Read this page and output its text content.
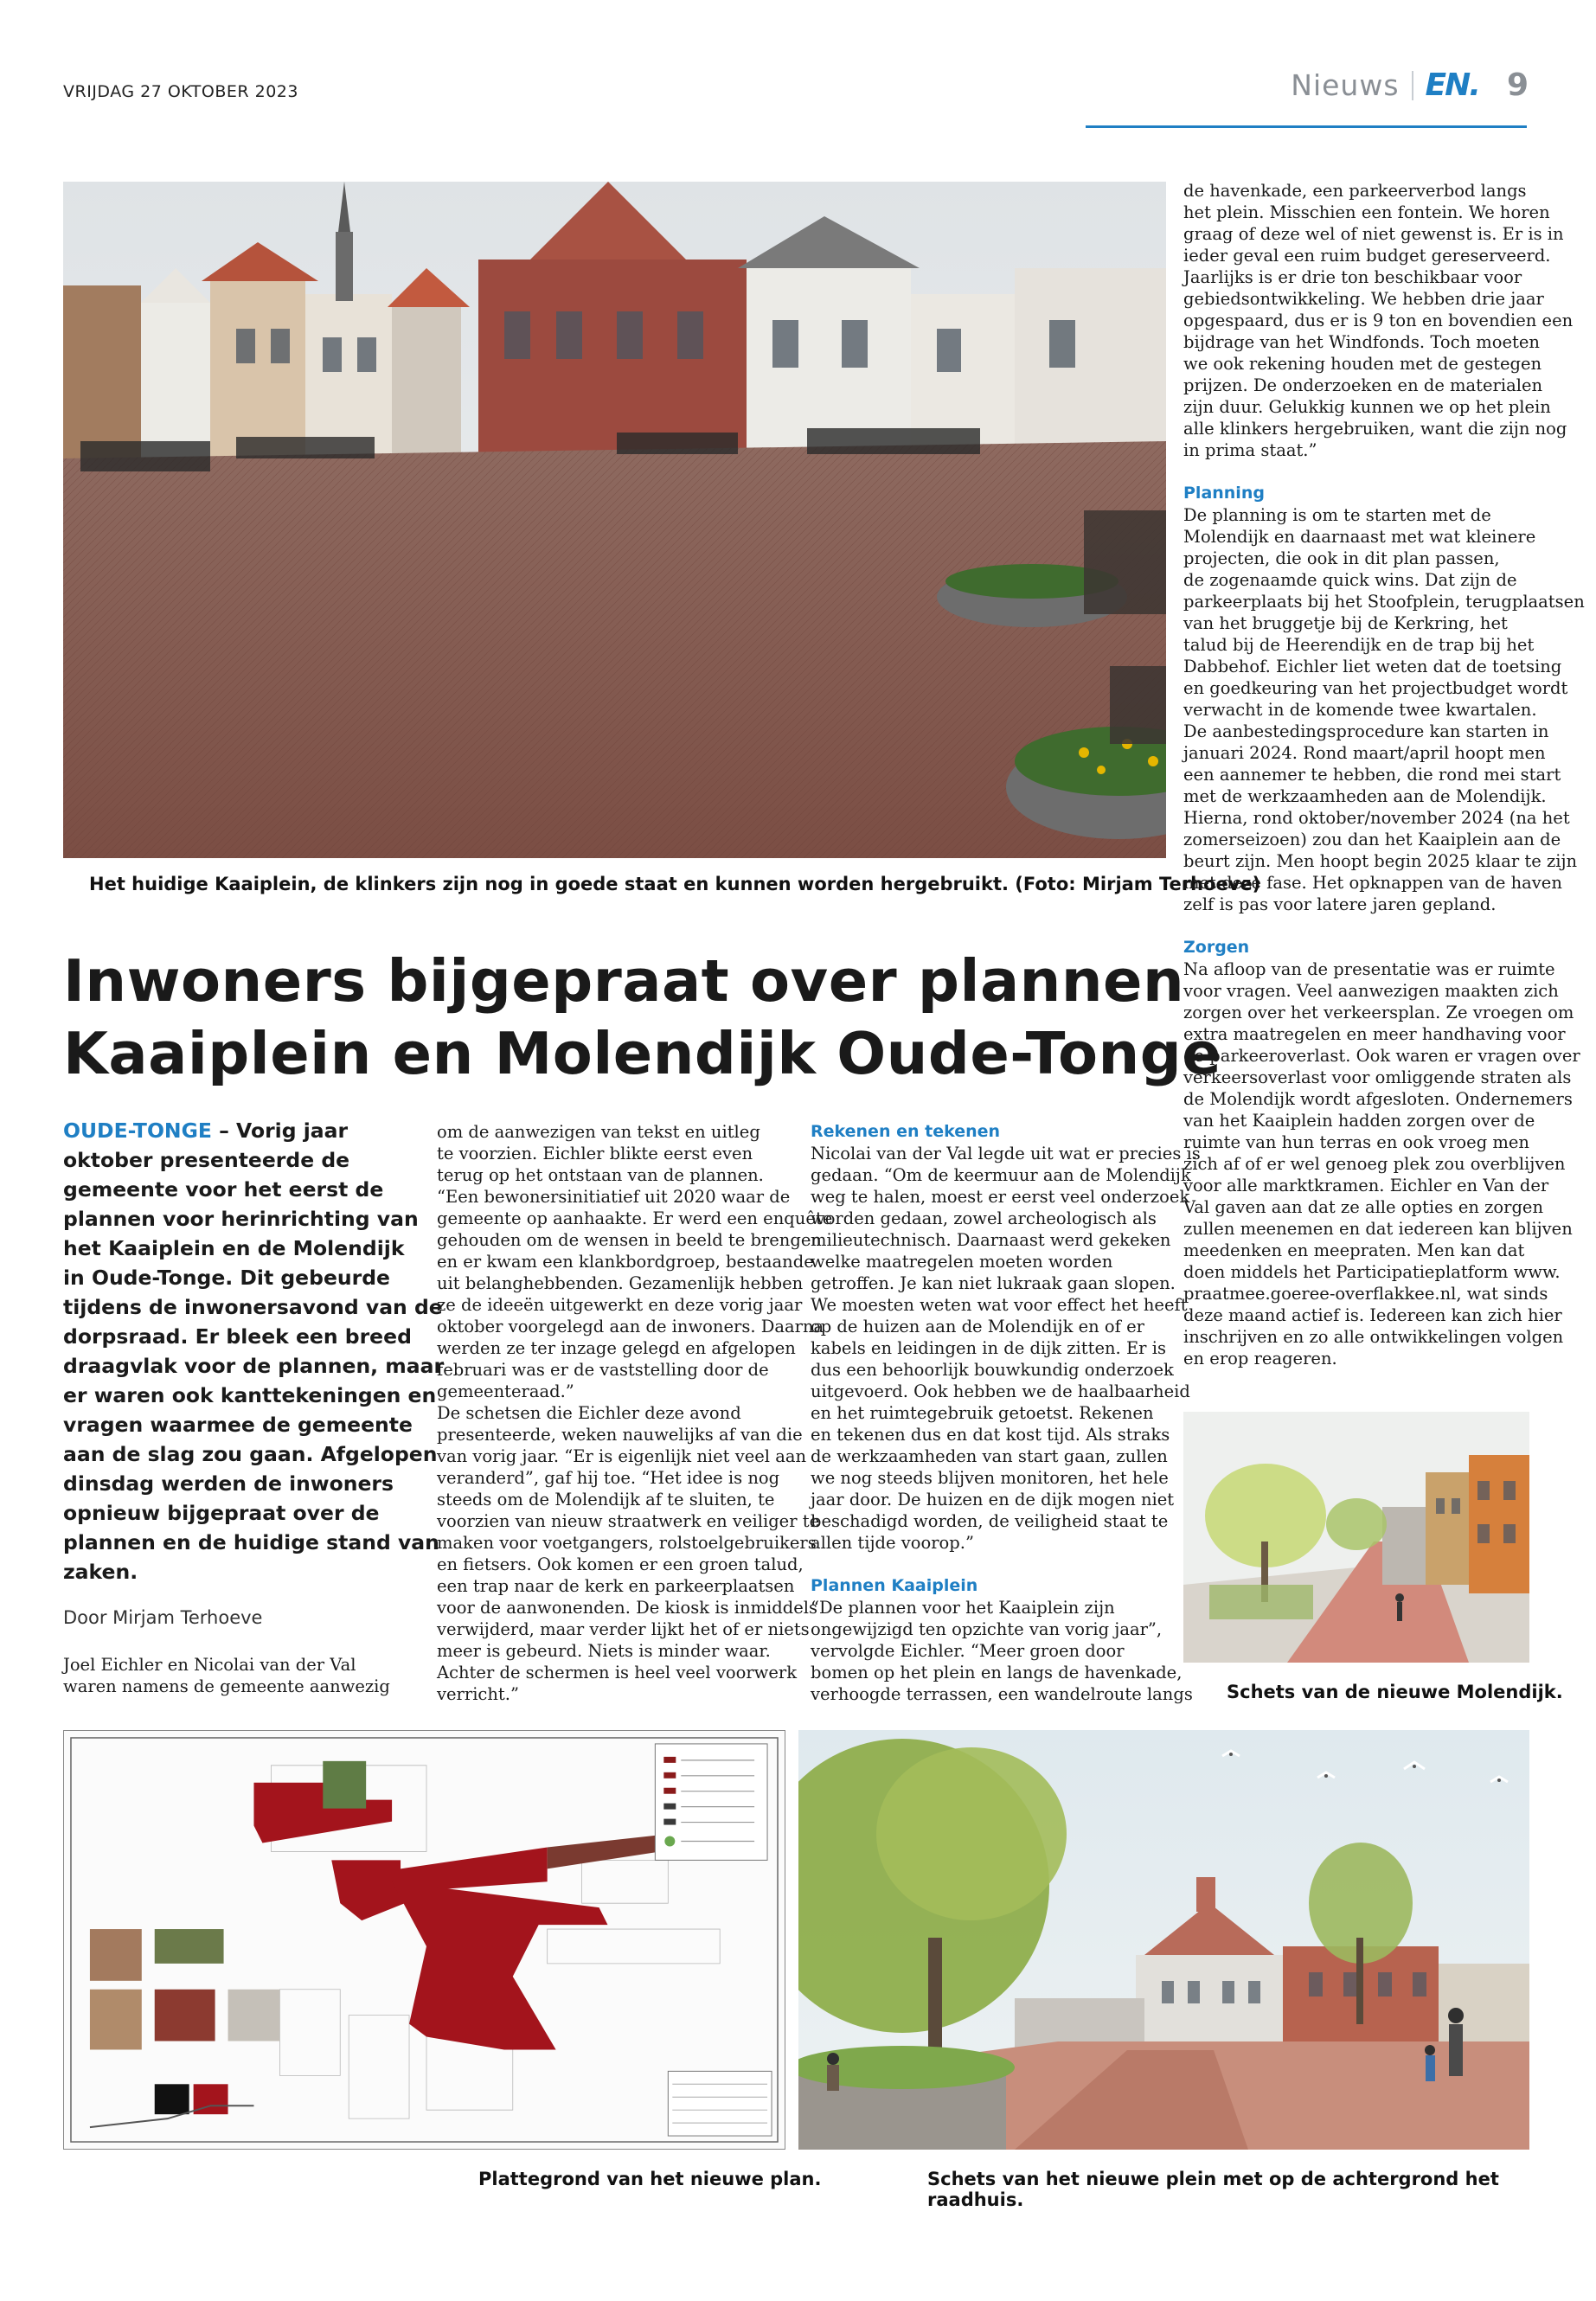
VRIJDAG 27 OKTOBER 2023	Nieuws EN. 9
Het huidige Kaaiplein, de klinkers zijn nog in goede staat en kunnen worden hergebruikt. (Foto: Mirjam Terhoeve)
Inwoners bijgepraat over plannen
Kaaiplein en Molendijk Oude-Tonge

OUDE-TONGE – Vorig jaar

oktober presenteerde de

gemeente voor het eerst de

plannen voor herinrichting van

het Kaaiplein en de Molendijk

in Oude-Tonge. Dit gebeurde

tijdens de inwonersavond van de

dorpsraad. Er bleek een breed

draagvlak voor de plannen, maar

er waren ook kanttekeningen en

vragen waarmee de gemeente

aan de slag zou gaan. Afgelopen

dinsdag werden de inwoners

opnieuw bijgepraat over de

plannen en de huidige stand van

zaken.

Door Mirjam Terhoeve

Joel Eichler en Nicolai van der Val

waren namens de gemeente aanwezig

om de aanwezigen van tekst en uitleg

te voorzien. Eichler blikte eerst even

terug op het ontstaan van de plannen.

“Een bewonersinitiatief uit 2020 waar de

gemeente op aanhaakte. Er werd een enquête

gehouden om de wensen in beeld te brengen

en er kwam een klankbordgroep, bestaande

uit belanghebbenden. Gezamenlijk hebben

ze de ideeën uitgewerkt en deze vorig jaar

oktober voorgelegd aan de inwoners. Daarna

werden ze ter inzage gelegd en afgelopen

februari was er de vaststelling door de

gemeenteraad.”

De schetsen die Eichler deze avond

presenteerde, weken nauwelijks af van die

van vorig jaar. “Er is eigenlijk niet veel aan

veranderd”, gaf hij toe. “Het idee is nog

steeds om de Molendijk af te sluiten, te

voorzien van nieuw straatwerk en veiliger te

maken voor voetgangers, rolstoelgebruikers

en fietsers. Ook komen er een groen talud,

een trap naar de kerk en parkeerplaatsen

voor de aanwonenden. De kiosk is inmiddels

verwijderd, maar verder lijkt het of er niets

meer is gebeurd. Niets is minder waar.

Achter de schermen is heel veel voorwerk

verricht.”

Rekenen en tekenen

Nicolai van der Val legde uit wat er precies is

gedaan. “Om de keermuur aan de Molendijk

weg te halen, moest er eerst veel onderzoek

worden gedaan, zowel archeologisch als

milieutechnisch. Daarnaast werd gekeken

welke maatregelen moeten worden

getroffen. Je kan niet lukraak gaan slopen.

We moesten weten wat voor effect het heeft

op de huizen aan de Molendijk en of er

kabels en leidingen in de dijk zitten. Er is

dus een behoorlijk bouwkundig onderzoek

uitgevoerd. Ook hebben we de haalbaarheid

en het ruimtegebruik getoetst. Rekenen

en tekenen dus en dat kost tijd. Als straks

de werkzaamheden van start gaan, zullen

we nog steeds blijven monitoren, het hele

jaar door. De huizen en de dijk mogen niet

beschadigd worden, de veiligheid staat te

allen tijde voorop.”

Plannen Kaaiplein

“De plannen voor het Kaaiplein zijn

ongewijzigd ten opzichte van vorig jaar”,

vervolgde Eichler. “Meer groen door

bomen op het plein en langs de havenkade,

verhoogde terrassen, een wandelroute langs

de havenkade, een parkeerverbod langs

het plein. Misschien een fontein. We horen

graag of deze wel of niet gewenst is. Er is in

ieder geval een ruim budget gereserveerd.

Jaarlijks is er drie ton beschikbaar voor

gebiedsontwikkeling. We hebben drie jaar

opgespaard, dus er is 9 ton en bovendien een

bijdrage van het Windfonds. Toch moeten

we ook rekening houden met de gestegen

prijzen. De onderzoeken en de materialen

zijn duur. Gelukkig kunnen we op het plein

alle klinkers hergebruiken, want die zijn nog

in prima staat.”

Planning

De planning is om te starten met de

Molendijk en daarnaast met wat kleinere

projecten, die ook in dit plan passen,

de zogenaamde quick wins. Dat zijn de

parkeerplaats bij het Stoofplein, terugplaatsen

van het bruggetje bij de Kerkring, het

talud bij de Heerendijk en de trap bij het

Dabbehof. Eichler liet weten dat de toetsing

en goedkeuring van het projectbudget wordt

verwacht in de komende twee kwartalen.

De aanbestedingsprocedure kan starten in

januari 2024. Rond maart/april hoopt men

een aannemer te hebben, die rond mei start

met de werkzaamheden aan de Molendijk.

Hierna, rond oktober/november 2024 (na het

zomerseizoen) zou dan het Kaaiplein aan de

beurt zijn. Men hoopt begin 2025 klaar te zijn

met deze fase. Het opknappen van de haven

zelf is pas voor latere jaren gepland.

Zorgen

Na afloop van de presentatie was er ruimte

voor vragen. Veel aanwezigen maakten zich

zorgen over het verkeersplan. Ze vroegen om

extra maatregelen en meer handhaving voor

de parkeeroverlast. Ook waren er vragen over

verkeersoverlast voor omliggende straten als

de Molendijk wordt afgesloten. Ondernemers

van het Kaaiplein hadden zorgen over de

ruimte van hun terras en ook vroeg men

zich af of er wel genoeg plek zou overblijven

voor alle marktkramen. Eichler en Van der

Val gaven aan dat ze alle opties en zorgen

zullen meenemen en dat iedereen kan blijven

meedenken en meepraten. Men kan dat

doen middels het Participatieplatform www.

praatmee.goeree-overflakkee.nl, wat sinds

deze maand actief is. Iedereen kan zich hier

inschrijven en zo alle ontwikkelingen volgen

en erop reageren.

Schets van de nieuwe Molendijk.
Plattegrond van het nieuwe plan.	Schets van het nieuwe plein met op de achtergrond het raadhuis.
